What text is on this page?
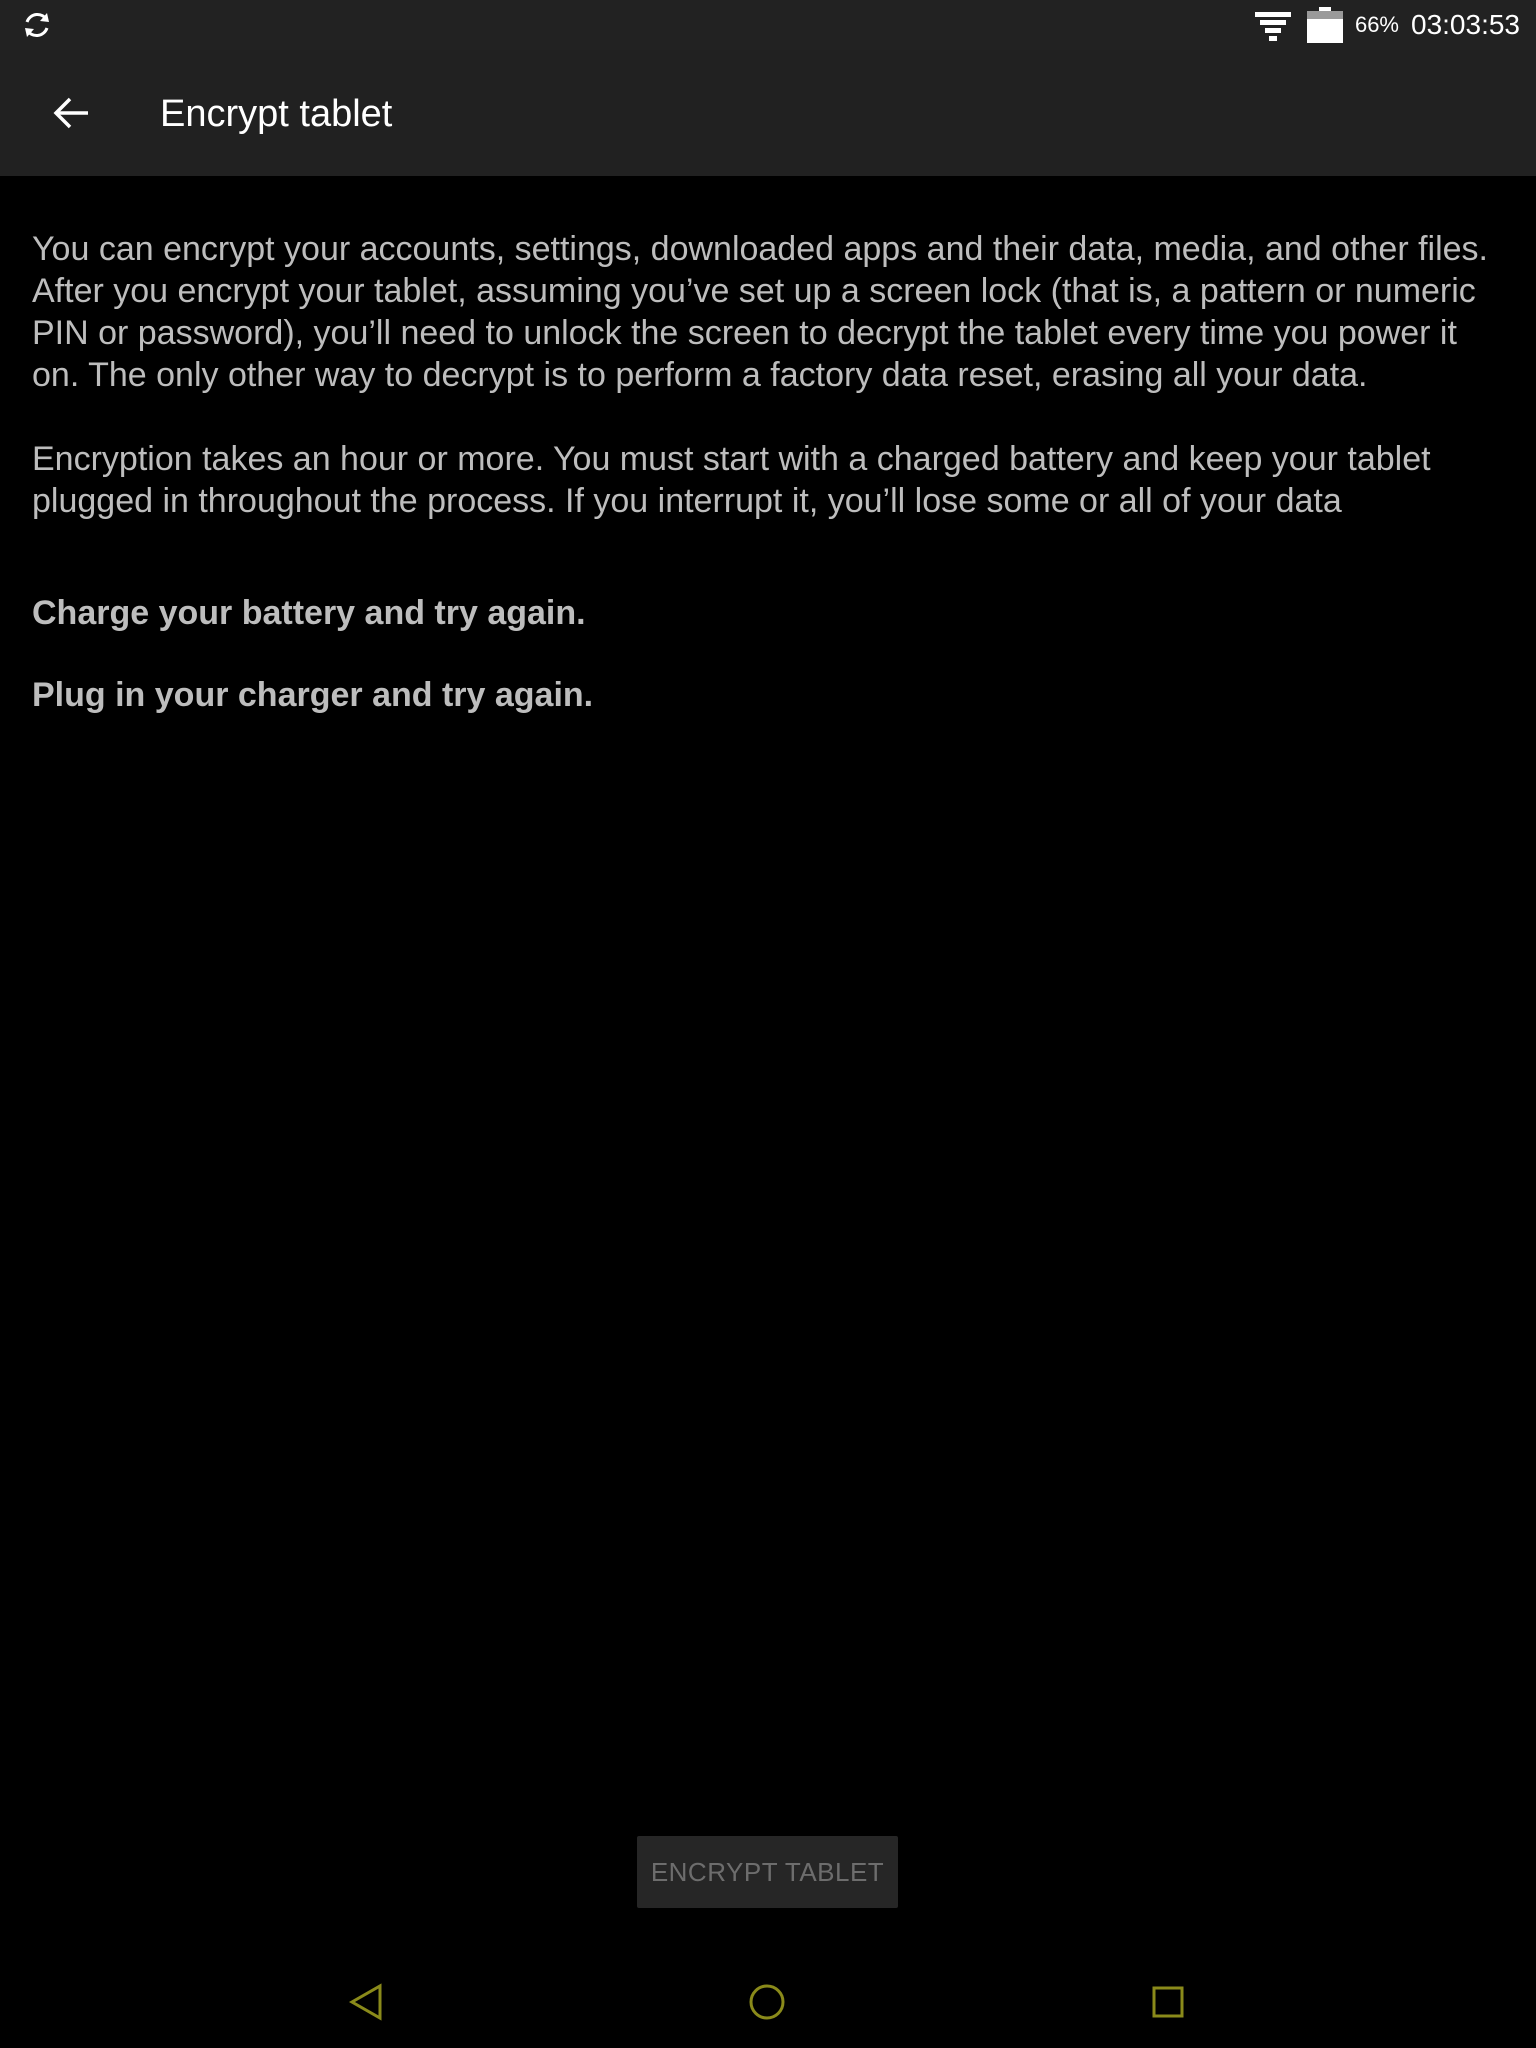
66% 03:03:53
Encrypt tablet

You can encrypt your accounts, settings, downloaded apps and their data, media, and other files. After you encrypt your tablet, assuming you’ve set up a screen lock (that is, a pattern or numeric PIN or password), you’ll need to unlock the screen to decrypt the tablet every time you power it on. The only other way to decrypt is to perform a factory data reset, erasing all your data.

Encryption takes an hour or more. You must start with a charged battery and keep your tablet plugged in throughout the process. If you interrupt it, you’ll lose some or all of your data

Charge your battery and try again.

Plug in your charger and try again.

ENCRYPT TABLET
